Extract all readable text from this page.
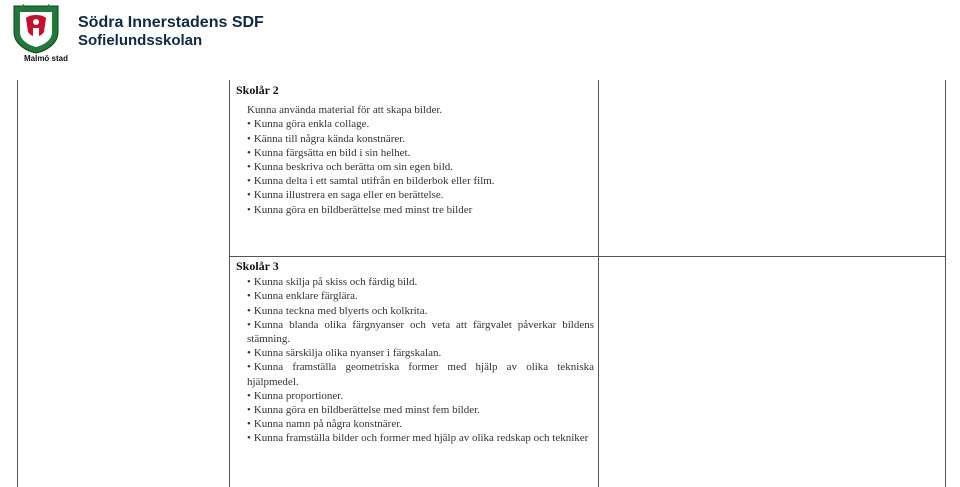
Malmö stad
Södra Innerstadens SDF
Sofielundsskolan
Skolår 2
Kunna använda material för att skapa bilder.
• Kunna göra enkla collage.
• Känna till några kända konstnärer.
• Kunna färgsätta en bild i sin helhet.
• Kunna beskriva och berätta om sin egen bild.
• Kunna delta i ett samtal utifrån en bilderbok eller film.
• Kunna illustrera en saga eller en berättelse.
• Kunna göra en bildberättelse med minst tre bilder
Skolår 3
• Kunna skilja på skiss och färdig bild.
• Kunna enklare färglära.
• Kunna teckna med blyerts och kolkrita.
• Kunna blanda olika färgnyanser och veta att färgvalet påverkar bildens stämning.
• Kunna särskilja olika nyanser i färgskalan.
• Kunna framställa geometriska former med hjälp av olika tekniska hjälpmedel.
• Kunna proportioner.
• Kunna göra en bildberättelse med minst fem bilder.
• Kunna namn på några konstnärer.
• Kunna framställa bilder och former med hjälp av olika redskap och tekniker
